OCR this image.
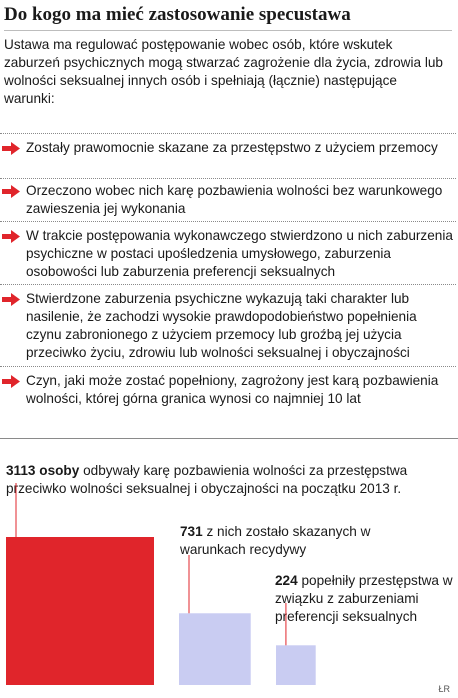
Do kogo ma mieć zastosowanie specustawa
Ustawa ma regulować postępowanie wobec osób, które wskutek zaburzeń psychicznych mogą stwarzać zagrożenie dla życia, zdrowia lub wolności seksualnej innych osób i spełniają (łącznie) następujące warunki:
Zostały prawomocnie skazane za przestępstwo z użyciem przemocy
Orzeczono wobec nich karę pozbawienia wolności bez warunkowego zawieszenia jej wykonania
W trakcie postępowania wykonawczego stwierdzono u nich zaburzenia psychiczne w postaci upośledzenia umysłowego, zaburzenia osobowości lub zaburzenia preferencji seksualnych
Stwierdzone zaburzenia psychiczne wykazują taki charakter lub nasilenie, że zachodzi wysokie prawdopodobieństwo popełnienia czynu zabronionego z użyciem przemocy lub groźbą jej użycia przeciwko życiu, zdrowiu lub wolności seksualnej i obyczajności
Czyn, jaki może zostać popełniony, zagrożony jest karą pozbawienia wolności, której górna granica wynosi co najmniej 10 lat
3113 osoby odbywały karę pozbawienia wolności za przestępstwa przeciwko wolności seksualnej i obyczajności na początku 2013 r.
731 z nich zostało skazanych w warunkach recydywy
224 popełniły przestępstwa w związku z zaburzeniami preferencji seksualnych
ŁR
